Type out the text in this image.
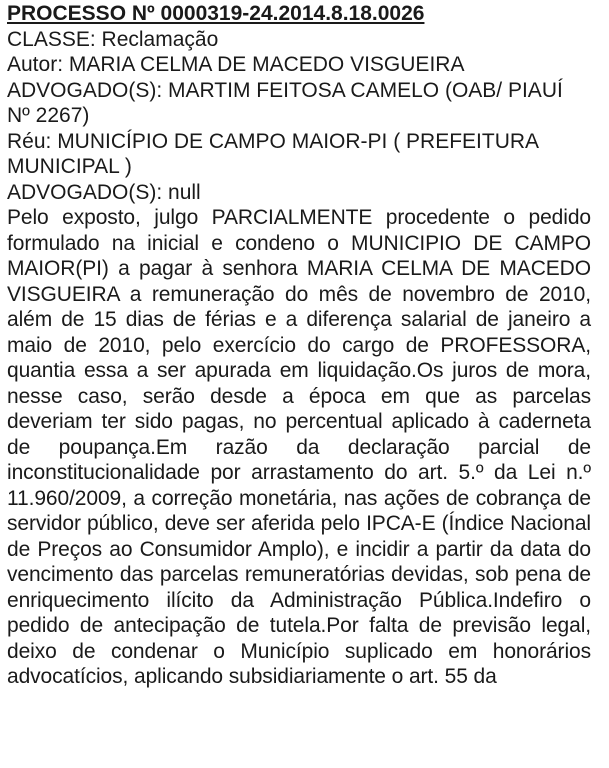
PROCESSO Nº 0000319-24.2014.8.18.0026

CLASSE: Reclamação

Autor: MARIA CELMA DE MACEDO VISGUEIRA

ADVOGADO(S): MARTIM FEITOSA CAMELO (OAB/ PIAUÍ Nº 2267)

Réu: MUNICÍPIO DE CAMPO MAIOR-PI ( PREFEITURA MUNICIPAL )

ADVOGADO(S): null

Pelo exposto, julgo PARCIALMENTE procedente o pedido formulado na inicial e condeno o MUNICIPIO DE CAMPO MAIOR(PI) a pagar à senhora MARIA CELMA DE MACEDO VISGUEIRA a remuneração do mês de novembro de 2010, além de 15 dias de férias e a diferença salarial de janeiro a maio de 2010, pelo exercício do cargo de PROFESSORA, quantia essa a ser apurada em liquidação.Os juros de mora, nesse caso, serão desde a época em que as parcelas deveriam ter sido pagas, no percentual aplicado à caderneta de poupança.Em razão da declaração parcial de inconstitucionalidade por arrastamento do art. 5.º da Lei n.º 11.960/2009, a correção monetária, nas ações de cobrança de servidor público, deve ser aferida pelo IPCA-E (Índice Nacional de Preços ao Consumidor Amplo), e incidir a partir da data do vencimento das parcelas remuneratórias devidas, sob pena de enriquecimento ilícito da Administração Pública.Indefiro o pedido de antecipação de tutela.Por falta de previsão legal, deixo de condenar o Município suplicado em honorários advocatícios, aplicando subsidiariamente o art. 55 da
